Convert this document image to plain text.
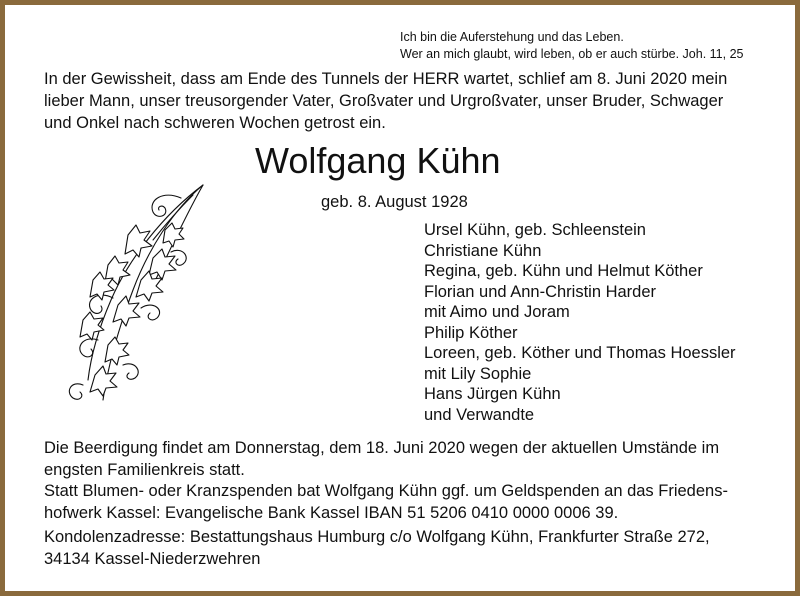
Ich bin die Auferstehung und das Leben.
Wer an mich glaubt, wird leben, ob er auch stürbe. Joh. 11, 25
In der Gewissheit, dass am Ende des Tunnels der HERR wartet, schlief am 8. Juni 2020 mein
lieber Mann, unser treusorgender Vater, Großvater und Urgroßvater, unser Bruder, Schwager
und Onkel nach schweren Wochen getrost ein.
Wolfgang Kühn
geb. 8. August 1928
Ursel Kühn, geb. Schleenstein
Christiane Kühn
Regina, geb. Kühn und Helmut Köther
Florian und Ann-Christin Harder
mit Aimo und Joram
Philip Köther
Loreen, geb. Köther und Thomas Hoessler
mit Lily Sophie
Hans Jürgen Kühn
und Verwandte
Die Beerdigung findet am Donnerstag, dem 18. Juni 2020 wegen der aktuellen Umstände im
engsten Familienkreis statt.
Statt Blumen- oder Kranzspenden bat Wolfgang Kühn ggf. um Geldspenden an das Friedens-
hofwerk Kassel: Evangelische Bank Kassel IBAN 51 5206 0410 0000 0006 39.
Kondolenzadresse: Bestattungshaus Humburg c/o Wolfgang Kühn, Frankfurter Straße 272,
34134 Kassel-Niederzwehren
